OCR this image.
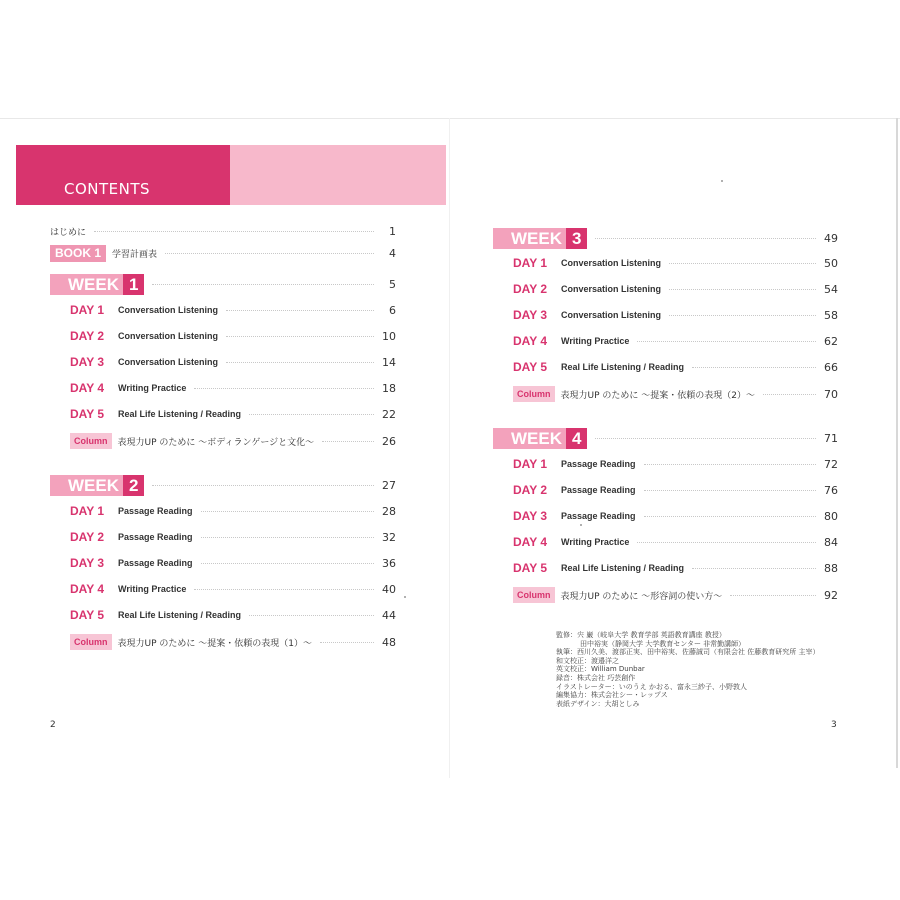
CONTENTS
はじめに	1
BOOK 1	学習計画表	4
WEEK 1	5
DAY 1	Conversation Listening	6
DAY 2	Conversation Listening	10
DAY 3	Conversation Listening	14
DAY 4	Writing Practice	18
DAY 5	Real Life Listening / Reading	22
Column	表現力UP のために ～ボディランゲージと文化～	26
WEEK 2	27
DAY 1	Passage Reading	28
DAY 2	Passage Reading	32
DAY 3	Passage Reading	36
DAY 4	Writing Practice	40
DAY 5	Real Life Listening / Reading	44
Column	表現力UP のために ～提案・依頼の表現（1）～	48
WEEK 3	49
DAY 1	Conversation Listening	50
DAY 2	Conversation Listening	54
DAY 3	Conversation Listening	58
DAY 4	Writing Practice	62
DAY 5	Real Life Listening / Reading	66
Column	表現力UP のために ～提案・依頼の表現（2）～	70
WEEK 4	71
DAY 1	Passage Reading	72
DAY 2	Passage Reading	76
DAY 3	Passage Reading	80
DAY 4	Writing Practice	84
DAY 5	Real Life Listening / Reading	88
Column	表現力UP のために ～形容詞の使い方～	92
監修：宍 巌（岐阜大学 教育学部 英語教育講座 教授）
田中裕実（静岡大学 大学教育センター 非常勤講師）
執筆：西川久美、渡部正実、田中裕実、佐藤誠司（有限会社 佐藤教育研究所 主宰）
和文校正：渡邉洋之
英文校正：William Dunbar
録音：株式会社 巧芸創作
イラストレーター：いのうえ かおる、富永三紗子、小野敦人
編集協力：株式会社シー・レップス
表紙デザイン：大胡としみ
2	3
